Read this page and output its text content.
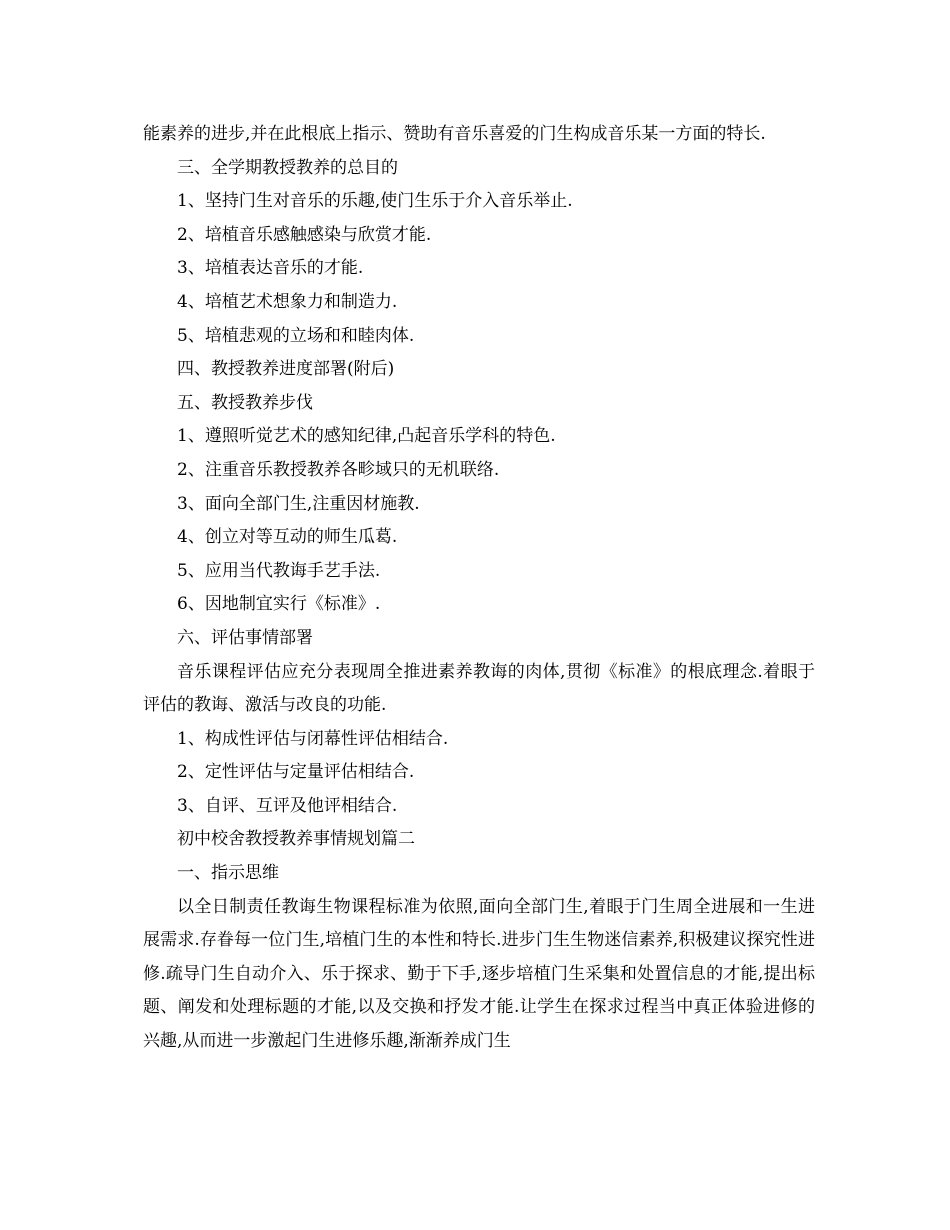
能素养的进步,并在此根底上指示、赞助有音乐喜爱的门生构成音乐某一方面的特长.

三、全学期教授教养的总目的

1、坚持门生对音乐的乐趣,使门生乐于介入音乐举止.

2、培植音乐感触感染与欣赏才能.

3、培植表达音乐的才能.

4、培植艺术想象力和制造力.

5、培植悲观的立场和和睦肉体.

四、教授教养进度部署(附后)

五、教授教养步伐

1、遵照听觉艺术的感知纪律,凸起音乐学科的特色.

2、注重音乐教授教养各畛域只的无机联络.

3、面向全部门生,注重因材施教.

4、创立对等互动的师生瓜葛.

5、应用当代教诲手艺手法.

6、因地制宜实行《标准》.

六、评估事情部署

音乐课程评估应充分表现周全推进素养教诲的肉体,贯彻《标准》的根底理念.着眼于评估的教诲、激活与改良的功能.

1、构成性评估与闭幕性评估相结合.

2、定性评估与定量评估相结合.

3、自评、互评及他评相结合.

初中校舍教授教养事情规划篇二

一、指示思维

以全日制责任教诲生物课程标准为依照,面向全部门生,着眼于门生周全进展和一生进展需求.存眷每一位门生,培植门生的本性和特长.进步门生生物迷信素养,积极建议探究性进修.疏导门生自动介入、乐于探求、勤于下手,逐步培植门生采集和处置信息的才能,提出标题、阐发和处理标题的才能,以及交换和抒发才能.让学生在探求过程当中真正体验进修的兴趣,从而进一步激起门生进修乐趣,渐渐养成门生
